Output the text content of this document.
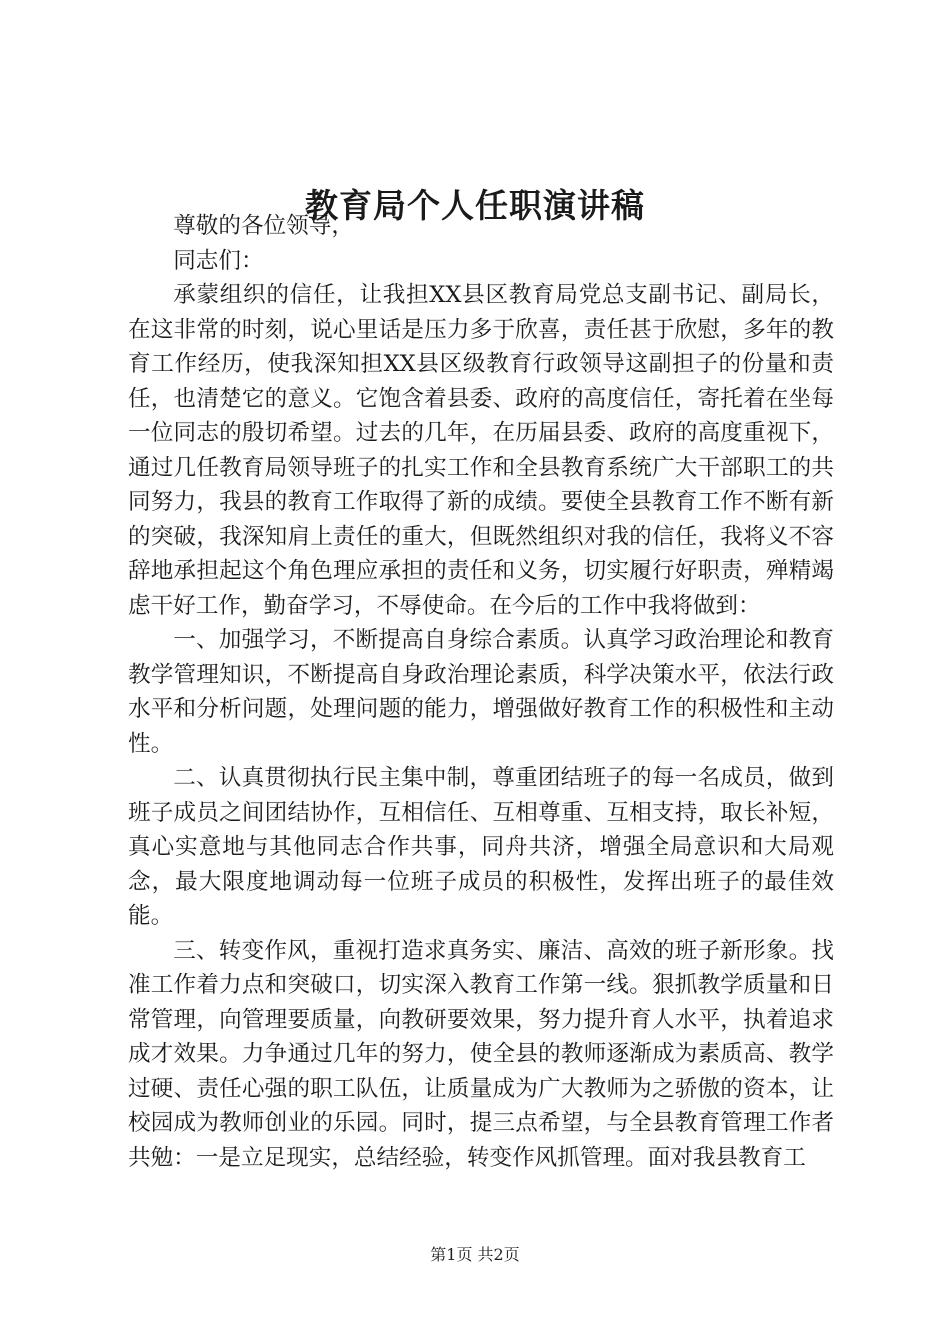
教育局个人任职演讲稿

尊敬的各位领导，

同志们：

承蒙组织的信任，让我担XX县区教育局党总支副书记、副局长，在这非常的时刻，说心里话是压力多于欣喜，责任甚于欣慰，多年的教育工作经历，使我深知担XX县区级教育行政领导这副担子的份量和责任，也清楚它的意义。它饱含着县委、政府的高度信任，寄托着在坐每一位同志的殷切希望。过去的几年，在历届县委、政府的高度重视下，通过几任教育局领导班子的扎实工作和全县教育系统广大干部职工的共同努力，我县的教育工作取得了新的成绩。要使全县教育工作不断有新的突破，我深知肩上责任的重大，但既然组织对我的信任，我将义不容辞地承担起这个角色理应承担的责任和义务，切实履行好职责，殚精竭虑干好工作，勤奋学习，不辱使命。在今后的工作中我将做到：

一、加强学习，不断提高自身综合素质。认真学习政治理论和教育教学管理知识，不断提高自身政治理论素质，科学决策水平，依法行政水平和分析问题，处理问题的能力，增强做好教育工作的积极性和主动性。

二、认真贯彻执行民主集中制，尊重团结班子的每一名成员，做到班子成员之间团结协作，互相信任、互相尊重、互相支持，取长补短，真心实意地与其他同志合作共事，同舟共济，增强全局意识和大局观念，最大限度地调动每一位班子成员的积极性，发挥出班子的最佳效能。

三、转变作风，重视打造求真务实、廉洁、高效的班子新形象。找准工作着力点和突破口，切实深入教育工作第一线。狠抓教学质量和日常管理，向管理要质量，向教研要效果，努力提升育人水平，执着追求成才效果。力争通过几年的努力，使全县的教师逐渐成为素质高、教学过硬、责任心强的职工队伍，让质量成为广大教师为之骄傲的资本，让校园成为教师创业的乐园。同时，提三点希望，与全县教育管理工作者共勉：一是立足现实，总结经验，转变作风抓管理。面对我县教育工

第1页 共2页
